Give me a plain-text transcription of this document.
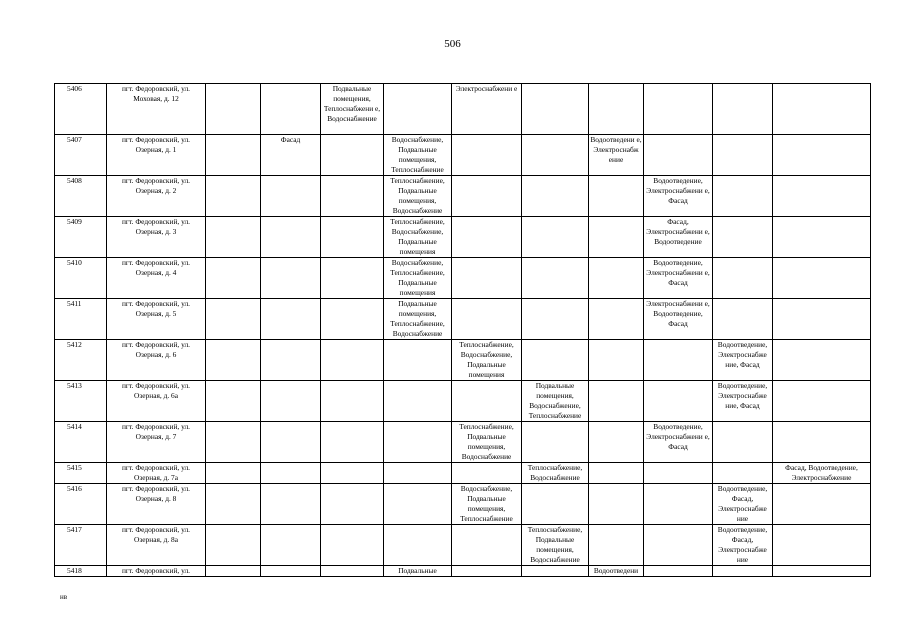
506
5406	пгт. Федоровский, ул. Моховая, д. 12			Подвальные помещения, Теплоснабжени е, Водоснабжение		Электроснабжени е					
5407	пгт. Федоровский, ул. Озерная, д. 1		Фасад		Водоснабжение, Подвальные помещения, Теплоснабжение			Водоотведени е, Электроснабж ение			
5408	пгт. Федоровский, ул. Озерная, д. 2				Теплоснабжение, Подвальные помещения, Водоснабжение				Водоотведение, Электроснабжени е, Фасад		
5409	пгт. Федоровский, ул. Озерная, д. 3				Теплоснабжение, Водоснабжение, Подвальные помещения				Фасад, Электроснабжени е, Водоотведение		
5410	пгт. Федоровский, ул. Озерная, д. 4				Водоснабжение, Теплоснабжение, Подвальные помещения				Водоотведение, Электроснабжени е, Фасад		
5411	пгт. Федоровский, ул. Озерная, д. 5				Подвальные помещения, Теплоснабжение, Водоснабжение				Электроснабжени е, Водоотведение, Фасад		
5412	пгт. Федоровский, ул. Озерная, д. 6					Теплоснабжение, Водоснабжение, Подвальные помещения				Водоотведение, Электроснабже ние, Фасад	
5413	пгт. Федоровский, ул. Озерная, д. 6а						Подвальные помещения, Водоснабжение, Теплоснабжение			Водоотведение, Электроснабже ние, Фасад	
5414	пгт. Федоровский, ул. Озерная, д. 7					Теплоснабжение, Подвальные помещения, Водоснабжение			Водоотведение, Электроснабжени е, Фасад		
5415	пгт. Федоровский, ул. Озерная, д. 7а						Теплоснабжение, Водоснабжение				Фасад, Водоотведение, Электроснабжение
5416	пгт. Федоровский, ул. Озерная, д. 8					Водоснабжение, Подвальные помещения, Теплоснабжение				Водоотведение, Фасад, Электроснабже ние	
5417	пгт. Федоровский, ул. Озерная, д. 8а						Теплоснабжение, Подвальные помещения, Водоснабжение			Водоотведение, Фасад, Электроснабже ние	
5418	пгт. Федоровский, ул.				Подвальные			Водоотведени			
нв
